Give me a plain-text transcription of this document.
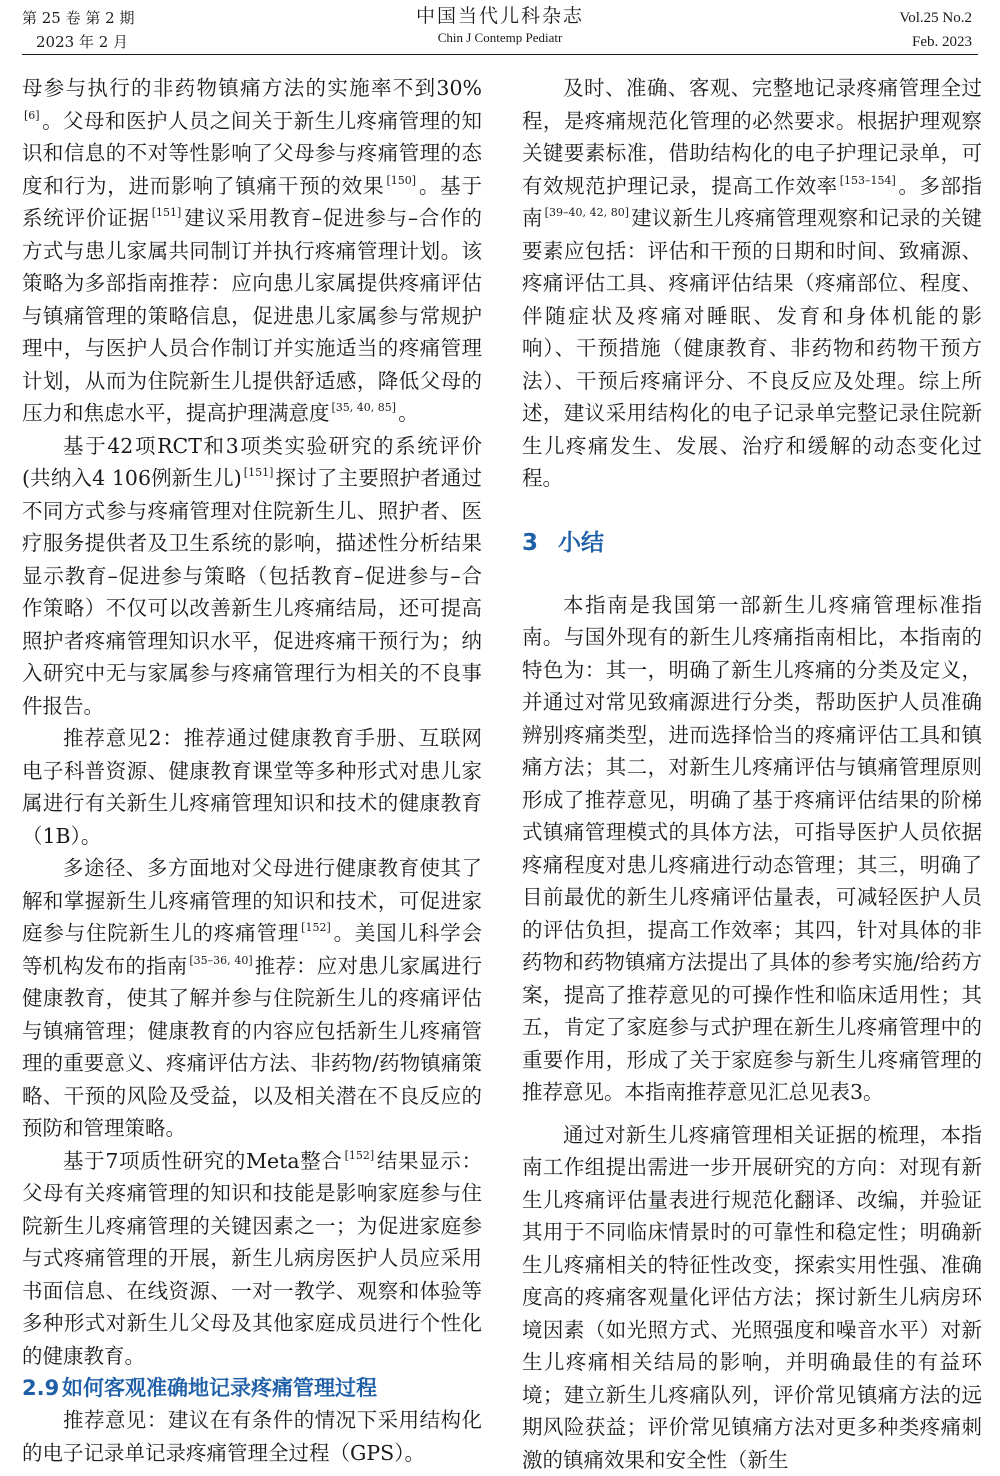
第 25 卷 第 2 期
2023 年 2 月
中国当代儿科杂志
Chin J Contemp Pediatr
Vol.25 No.2
Feb. 2023

母参与执行的非药物镇痛方法的实施率不到30%[6]。父母和医护人员之间关于新生儿疼痛管理的知识和信息的不对等性影响了父母参与疼痛管理的态度和行为，进而影响了镇痛干预的效果 [150]。基于系统评价证据 [151]建议采用教育–促进参与–合作的方式与患儿家属共同制订并执行疼痛管理计划。该策略为多部指南推荐：应向患儿家属提供疼痛评估与镇痛管理的策略信息，促进患儿家属参与常规护理中，与医护人员合作制订并实施适当的疼痛管理计划，从而为住院新生儿提供舒适感，降低父母的压力和焦虑水平，提高护理满意度 [35, 40, 85]。

基于42项RCT和3项类实验研究的系统评价(共纳入4 106例新生儿) [151]探讨了主要照护者通过不同方式参与疼痛管理对住院新生儿、照护者、医疗服务提供者及卫生系统的影响，描述性分析结果显示教育–促进参与策略（包括教育–促进参与–合作策略）不仅可以改善新生儿疼痛结局，还可提高照护者疼痛管理知识水平，促进疼痛干预行为；纳入研究中无与家属参与疼痛管理行为相关的不良事件报告。

推荐意见2：推荐通过健康教育手册、互联网电子科普资源、健康教育课堂等多种形式对患儿家属进行有关新生儿疼痛管理知识和技术的健康教育（1B）。

多途径、多方面地对父母进行健康教育使其了解和掌握新生儿疼痛管理的知识和技术，可促进家庭参与住院新生儿的疼痛管理 [152]。美国儿科学会等机构发布的指南 [35–36, 40]推荐：应对患儿家属进行健康教育，使其了解并参与住院新生儿的疼痛评估与镇痛管理；健康教育的内容应包括新生儿疼痛管理的重要意义、疼痛评估方法、非药物/药物镇痛策略、干预的风险及受益，以及相关潜在不良反应的预防和管理策略。

基于7项质性研究的Meta整合 [152]结果显示：父母有关疼痛管理的知识和技能是影响家庭参与住院新生儿疼痛管理的关键因素之一；为促进家庭参与式疼痛管理的开展，新生儿病房医护人员应采用书面信息、在线资源、一对一教学、观察和体验等多种形式对新生儿父母及其他家庭成员进行个性化的健康教育。

2.9 如何客观准确地记录疼痛管理过程

推荐意见：建议在有条件的情况下采用结构化的电子记录单记录疼痛管理全过程（GPS）。

及时、准确、客观、完整地记录疼痛管理全过程，是疼痛规范化管理的必然要求。根据护理观察关键要素标准，借助结构化的电子护理记录单，可有效规范护理记录，提高工作效率 [153–154]。多部指南 [39–40, 42, 80]建议新生儿疼痛管理观察和记录的关键要素应包括：评估和干预的日期和时间、致痛源、疼痛评估工具、疼痛评估结果（疼痛部位、程度、伴随症状及疼痛对睡眠、发育和身体机能的影响）、干预措施（健康教育、非药物和药物干预方法）、干预后疼痛评分、不良反应及处理。综上所述，建议采用结构化的电子记录单完整记录住院新生儿疼痛发生、发展、治疗和缓解的动态变化过程。

3 小结

本指南是我国第一部新生儿疼痛管理标准指南。与国外现有的新生儿疼痛指南相比，本指南的特色为：其一，明确了新生儿疼痛的分类及定义，并通过对常见致痛源进行分类，帮助医护人员准确辨别疼痛类型，进而选择恰当的疼痛评估工具和镇痛方法；其二，对新生儿疼痛评估与镇痛管理原则形成了推荐意见，明确了基于疼痛评估结果的阶梯式镇痛管理模式的具体方法，可指导医护人员依据疼痛程度对患儿疼痛进行动态管理；其三，明确了目前最优的新生儿疼痛评估量表，可减轻医护人员的评估负担，提高工作效率；其四，针对具体的非药物和药物镇痛方法提出了具体的参考实施/给药方案，提高了推荐意见的可操作性和临床适用性；其五，肯定了家庭参与式护理在新生儿疼痛管理中的重要作用，形成了关于家庭参与新生儿疼痛管理的推荐意见。本指南推荐意见汇总见表3。

通过对新生儿疼痛管理相关证据的梳理，本指南工作组提出需进一步开展研究的方向：对现有新生儿疼痛评估量表进行规范化翻译、改编，并验证其用于不同临床情景时的可靠性和稳定性；明确新生儿疼痛相关的特征性改变，探索实用性强、准确度高的疼痛客观量化评估方法；探讨新生儿病房环境因素（如光照方式、光照强度和噪音水平）对新生儿疼痛相关结局的影响，并明确最佳的有益环境；建立新生儿疼痛队列，评价常见镇痛方法的远期风险获益；评价常见镇痛方法对更多种类疼痛刺激的镇痛效果和安全性（新生
